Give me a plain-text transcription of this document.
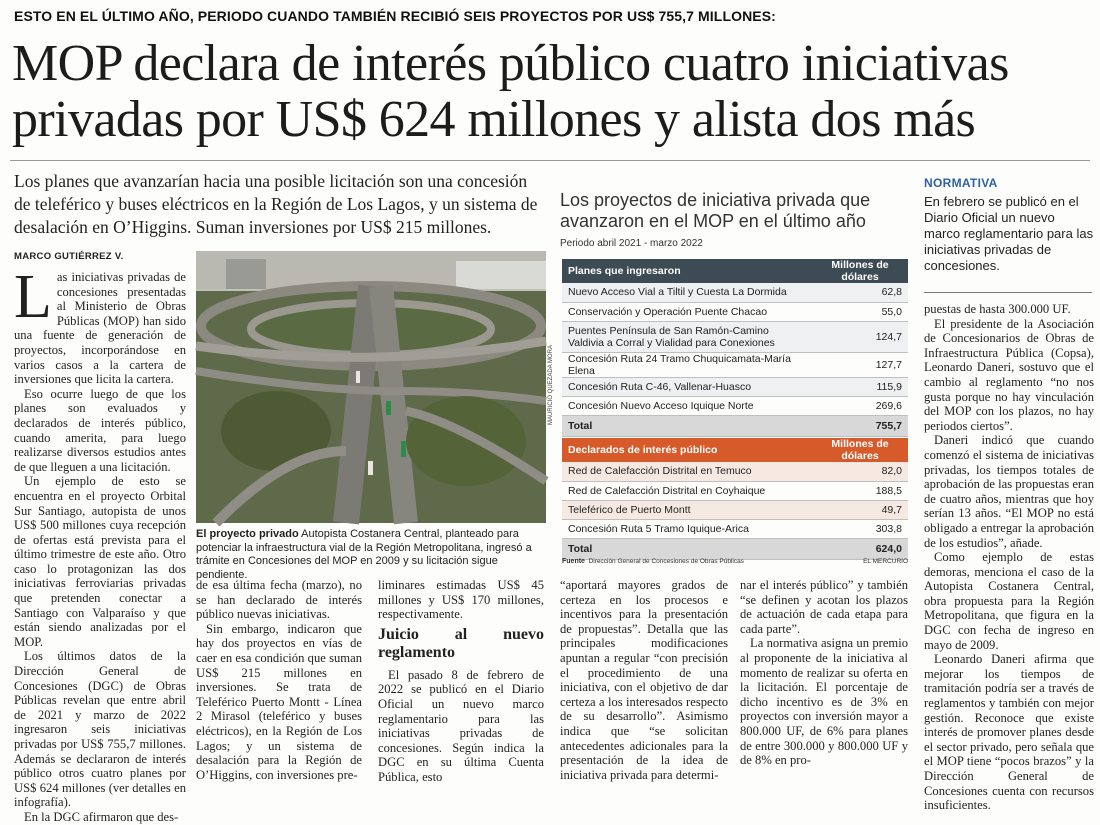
ESTO EN EL ÚLTIMO AÑO, PERIODO CUANDO TAMBIÉN RECIBIÓ SEIS PROYECTOS POR US$ 755,7 MILLONES:
MOP declara de interés público cuatro iniciativas privadas por US$ 624 millones y alista dos más

Los planes que avanzarían hacia una posible licitación son una concesión de teleférico y buses eléctricos en la Región de Los Lagos, y un sistema de desalación en O’Higgins. Suman inversiones por US$ 215 millones.

MARCO GUTIÉRREZ V.

Las iniciativas privadas de concesiones presentadas al Ministerio de Obras Públicas (MOP) han sido una fuente de generación de proyectos, incorporándose en varios casos a la cartera de inversiones que licita la cartera.

Eso ocurre luego de que los planes son evaluados y declarados de interés público, cuando amerita, para luego realizarse diversos estudios antes de que lleguen a una licitación.

Un ejemplo de esto se encuentra en el proyecto Orbital Sur Santiago, autopista de unos US$ 500 millones cuya recepción de ofertas está prevista para el último trimestre de este año. Otro caso lo protagonizan las dos iniciativas ferroviarias privadas que pretenden conectar a Santiago con Valparaíso y que están siendo analizadas por el MOP.

Los últimos datos de la Dirección General de Concesiones (DGC) de Obras Públicas revelan que entre abril de 2021 y marzo de 2022 ingresaron seis iniciativas privadas por US$ 755,7 millones. Además se declararon de interés público otros cuatro planes por US$ 624 millones (ver detalles en infografía).

En la DGC afirmaron que des-

MAURICIO QUEZADA MORA

El proyecto privado Autopista Costanera Central, planteado para potenciar la infraestructura vial de la Región Metropolitana, ingresó a trámite en Concesiones del MOP en 2009 y su licitación sigue pendiente.

de esa última fecha (marzo), no se han declarado de interés público nuevas iniciativas.

Sin embargo, indicaron que hay dos proyectos en vías de caer en esa condición que suman US$ 215 millones en inversiones. Se trata de Teleférico Puerto Montt - Línea 2 Mirasol (teleférico y buses eléctricos), en la Región de Los Lagos; y un sistema de desalación para la Región de O’Higgins, con inversiones pre-

liminares estimadas US$ 45 millones y US$ 170 millones, respectivamente.

Juicio al nuevo reglamento

El pasado 8 de febrero de 2022 se publicó en el Diario Oficial un nuevo marco reglamentario para las iniciativas privadas de concesiones. Según indica la DGC en su última Cuenta Pública, esto

Los proyectos de iniciativa privada que avanzaron en el MOP en el último año
Periodo abril 2021 - marzo 2022
Planes que ingresaron	Millones de dólares
Nuevo Acceso Vial a Tiltil y Cuesta La Dormida	62,8
Conservación y Operación Puente Chacao	55,0
Puentes Península de San Ramón-Camino Valdivia a Corral y Vialidad para Conexiones	124,7
Concesión Ruta 24 Tramo Chuquicamata-María Elena	127,7
Concesión Ruta C-46, Vallenar-Huasco	115,9
Concesión Nuevo Acceso Iquique Norte	269,6
Total	755,7
Declarados de interés público	Millones de dólares
Red de Calefacción Distrital en Temuco	82,0
Red de Calefacción Distrital en Coyhaique	188,5
Teleférico de Puerto Montt	49,7
Concesión Ruta 5 Tramo Iquique-Arica	303,8
Total	624,0
Fuente Dirección General de Concesiones de Obras Públicas	EL MERCURIO

“aportará mayores grados de certeza en los procesos e incentivos para la presentación de propuestas”. Detalla que las principales modificaciones apuntan a regular “con precisión el procedimiento de una iniciativa, con el objetivo de dar certeza a los interesados respecto de su desarrollo”. Asimismo indica que “se solicitan antecedentes adicionales para la presentación de la idea de iniciativa privada para determi-

nar el interés público” y también “se definen y acotan los plazos de actuación de cada etapa para cada parte”.

La normativa asigna un premio al proponente de la iniciativa al momento de realizar su oferta en la licitación. El porcentaje de dicho incentivo es de 3% en proyectos con inversión mayor a 800.000 UF, de 6% para planes de entre 300.000 y 800.000 UF y de 8% en pro-

NORMATIVA

En febrero se publicó en el Diario Oficial un nuevo marco reglamentario para las iniciativas privadas de concesiones.

puestas de hasta 300.000 UF.

El presidente de la Asociación de Concesionarios de Obras de Infraestructura Pública (Copsa), Leonardo Daneri, sostuvo que el cambio al reglamento “no nos gusta porque no hay vinculación del MOP con los plazos, no hay periodos ciertos”.

Daneri indicó que cuando comenzó el sistema de iniciativas privadas, los tiempos totales de aprobación de las propuestas eran de cuatro años, mientras que hoy serían 13 años. “El MOP no está obligado a entregar la aprobación de los estudios”, añade.

Como ejemplo de estas demoras, menciona el caso de la Autopista Costanera Central, obra propuesta para la Región Metropolitana, que figura en la DGC con fecha de ingreso en mayo de 2009.

Leonardo Daneri afirma que mejorar los tiempos de tramitación podría ser a través de reglamentos y también con mejor gestión. Reconoce que existe interés de promover planes desde el sector privado, pero señala que el MOP tiene “pocos brazos” y la Dirección General de Concesiones cuenta con recursos insuficientes.
